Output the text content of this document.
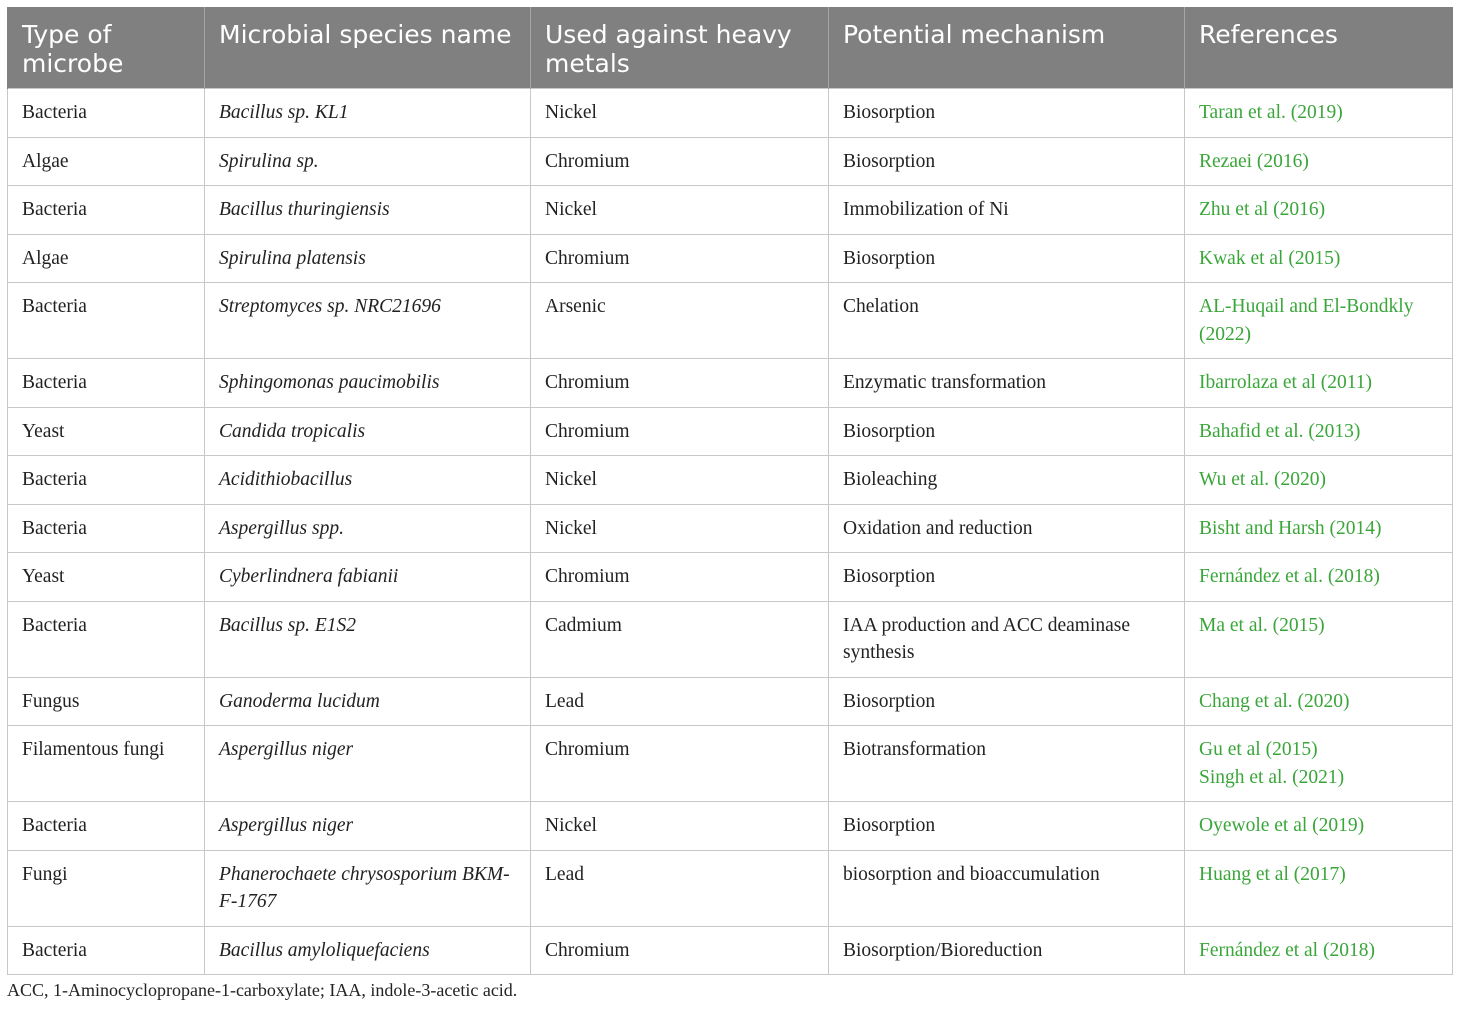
Type of microbe	Microbial species name	Used against heavy metals	Potential mechanism	References
Bacteria	Bacillus sp. KL1	Nickel	Biosorption	Taran et al. (2019)

Algae	Spirulina sp.	Chromium	Biosorption	Rezaei (2016)

Bacteria	Bacillus thuringiensis	Nickel	Immobilization of Ni	Zhu et al (2016)

Algae	Spirulina platensis	Chromium	Biosorption	Kwak et al (2015)

Bacteria	Streptomyces sp. NRC21696	Arsenic	Chelation	AL-Huqail and El-Bondkly (2022)

Bacteria	Sphingomonas paucimobilis	Chromium	Enzymatic transformation	Ibarrolaza et al (2011)

Yeast	Candida tropicalis	Chromium	Biosorption	Bahafid et al. (2013)

Bacteria	Acidithiobacillus	Nickel	Bioleaching	Wu et al. (2020)

Bacteria	Aspergillus spp.	Nickel	Oxidation and reduction	Bisht and Harsh (2014)

Yeast	Cyberlindnera fabianii	Chromium	Biosorption	Fernández et al. (2018)

Bacteria	Bacillus sp. E1S2	Cadmium	IAA production and ACC deaminase synthesis	Ma et al. (2015)

Fungus	Ganoderma lucidum	Lead	Biosorption	Chang et al. (2020)

Filamentous fungi	Aspergillus niger	Chromium	Biotransformation	Gu et al (2015)
Singh et al. (2021)

Bacteria	Aspergillus niger	Nickel	Biosorption	Oyewole et al (2019)

Fungi	Phanerochaete chrysosporium BKM-F-1767	Lead	biosorption and bioaccumulation	Huang et al (2017)

Bacteria	Bacillus amyloliquefaciens	Chromium	Biosorption/Bioreduction	Fernández et al (2018)
ACC, 1-Aminocyclopropane-1-carboxylate; IAA, indole-3-acetic acid.
